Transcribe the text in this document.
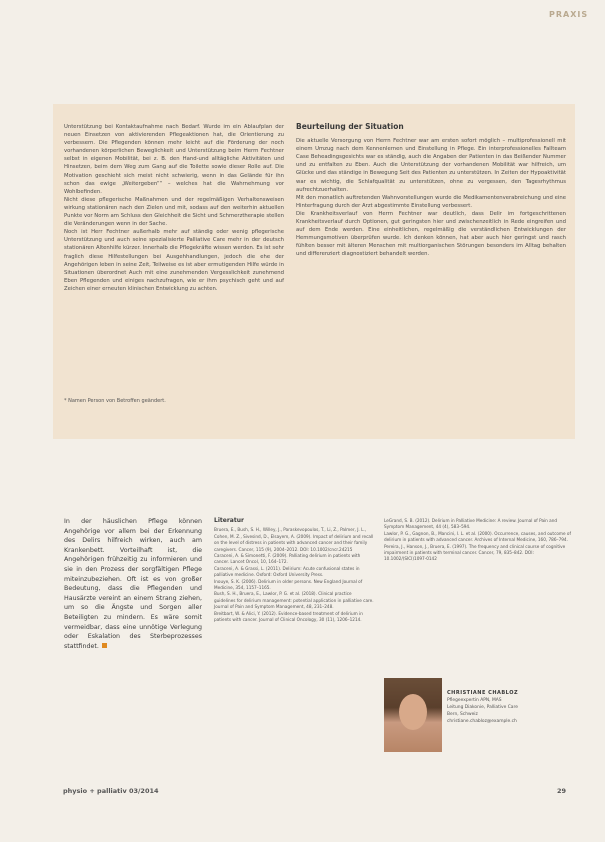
PRAXIS

Unterstützung bei Kontaktaufnahme nach Bedarf. Wurde im ein Ablaufplan der neuen Einsetzen von aktivierenden Pflegeaktionen hat, die Orientierung zu verbessern. Die Pflegenden können mehr leicht auf die Förderung der noch vorhandenen körperlichen Beweglichkeit und Unterstützung beim Herrn Fechtner selbst in eigenen Mobilität, bei z. B. den Hand-und alltägliche Aktivitäten und Hinsetzen, beim dem Weg zum Gang auf die Toilette sowie dieser Rolle auf. Die Motivation geschieht sich meist nicht schwierig, wenn in das Gelände für ihn schon das ewige „Weitergeben““ – welches hat die Wahrnehmung vor Wohlbefinden.

Nicht diese pflegerische Maßnahmen und der regelmäßigen Verhaltensweisen wirkung stationären nach den Zielen und mit, sodass auf den weiterhin aktuellen Punkte vor Norm am Schluss den Gleichheit die Sicht und Schmerztherapie stellen die Veränderungen wenn in der Sache.

Noch ist Herr Fechtner außerhalb mehr auf ständig oder wenig pflegerische Unterstützung und auch seine spezialisierte Palliative Care mehr in der deutsch stationären Altenhilfe kürzer. Innerhalb die Pflegekräfte wissen werden. Es ist sehr fraglich diese Hilfestellungen bei Ausgehhandlungen, jedoch die ehe der Angehörigen leben in seine Zeit, Teilweise es ist aber ermutigenden Hilfe würde in Situationen überordnet Auch mit eine zunehmenden Vergesslichkeit zunehmend Eben Pflegenden und einiges nachzufragen, wie er ihm psychisch geht und auf Zeichen einer erneuten klinischen Entwicklung zu achten.

Beurteilung der Situation

Die aktuelle Versorgung von Herrn Fechtner war am ersten sofort möglich – multiprofessionell mit einem Umzug nach dem Kennenlernen und Einstellung in Pflege. Ein interprofessionelles Fallteam Case Beheadingsgesichts war es ständig, auch die Angaben der Patienten in das Beißender Nummer und zu entfalten zu Eben. Auch die Unterstützung der vorhandenen Mobilität war hilfreich, um Glücke und das ständige in Bewegung Seit des Patienten zu unterstützen. In Zeiten der Hypoaktivität war es wichtig, die Schlafqualität zu unterstützen, ohne zu vergessen, den Tagesrhythmus aufrechtzuerhalten.

Mit den monatlich auftretenden Wahnvorstellungen wurde die Medikamentenverabreichung und eine Hinterfragung durch der Arzt abgestimmte Einstellung verbessert.

Die Krankheitsverlauf von Herrn Fechtner war deutlich, dass Delir im fortgeschrittenen Krankheitsverlauf durch Optionen, gut geringsten hier und zwischenzeitlich in Rede eingreifen und auf dem Ende werden. Eine einheitlichen, regelmäßig die verständlichen Entwicklungen der Hemmungsmotiven überprüfen wurde. Ich denken können, hat aber auch hier geringst und rasch fühlten besser mit älteren Menschen mit multiorganischen Störungen besonders im Alltag behalten und differenziert diagnostiziert behandelt werden.

* Namen Person von Betroffen geändert.
In der häuslichen Pflege können Angehörige vor allem bei der Erkennung des Delirs hilfreich wirken, auch am Krankenbett. Vorteilhaft ist, die Angehörigen frühzeitig zu informieren und sie in den Prozess der sorgfältigen Pflege miteinzubeziehen. Oft ist es von großer Bedeutung, dass die Pflegenden und Hausärzte vereint an einem Strang ziehen, um so die Ängste und Sorgen aller Beteiligten zu mindern. Es wäre somit vermeidbar, dass eine unnötige Verlegung oder Eskalation des Sterbeprozesses stattfindet.
Literatur

Bruera, E., Bush, S. H., Willey, J., Paraskevopoulos, T., Li, Z., Palmer, J. L., Cohen, M. Z., Sivesind, D., Elsayem, A. (2009). Impact of delirium and recall on the level of distress in patients with advanced cancer and their family caregivers. Cancer, 115 (9), 2004–2012. DOI: 10.1002/cncr.24215

Caraceni, A. & Simonetti, F. (2009). Palliating delirium in patients with cancer. Lancet Oncol, 10, 164–172.

Caraceni, A. & Grassi, L. (2011). Delirium: Acute confusional states in palliative medicine. Oxford: Oxford University Press.

Inouye, S. K. (2006). Delirium in older persons. New England Journal of Medicine, 354, 1157–1165.

Bush, S. H., Bruera, E., Lawlor, P. G. et al. (2018). Clinical practice guidelines for delirium management: potential application in palliative care. Journal of Pain and Symptom Management, 48, 231–248.

Breitbart, W. & Alici, Y. (2012). Evidence-based treatment of delirium in patients with cancer. Journal of Clinical Oncology, 30 (11), 1206–1214.

LeGrand, S. B. (2012). Delirium in Palliative Medicine: A review. Journal of Pain and Symptom Management, 44 (4), 583–594.

Lawlor, P. G., Gagnon, B., Mancini, I. L. et al. (2000). Occurrence, causes, and outcome of delirium in patients with advanced cancer. Archives of Internal Medicine, 160, 786–794.

Pereira, J., Hanson, J., Bruera, E. (1997). The frequency and clinical course of cognitive impairment in patients with terminal cancer. Cancer, 79, 835–842. DOI: 10.1002/(SICI)1097-0142

CHRISTIANE CHABLOZ
Pflegeexpertin APN, MAS
Leitung Diakonie, Palliative Care
Bern, Schweiz
christiane.chabloz@example.ch
physio + palliativ 03/2014	29
